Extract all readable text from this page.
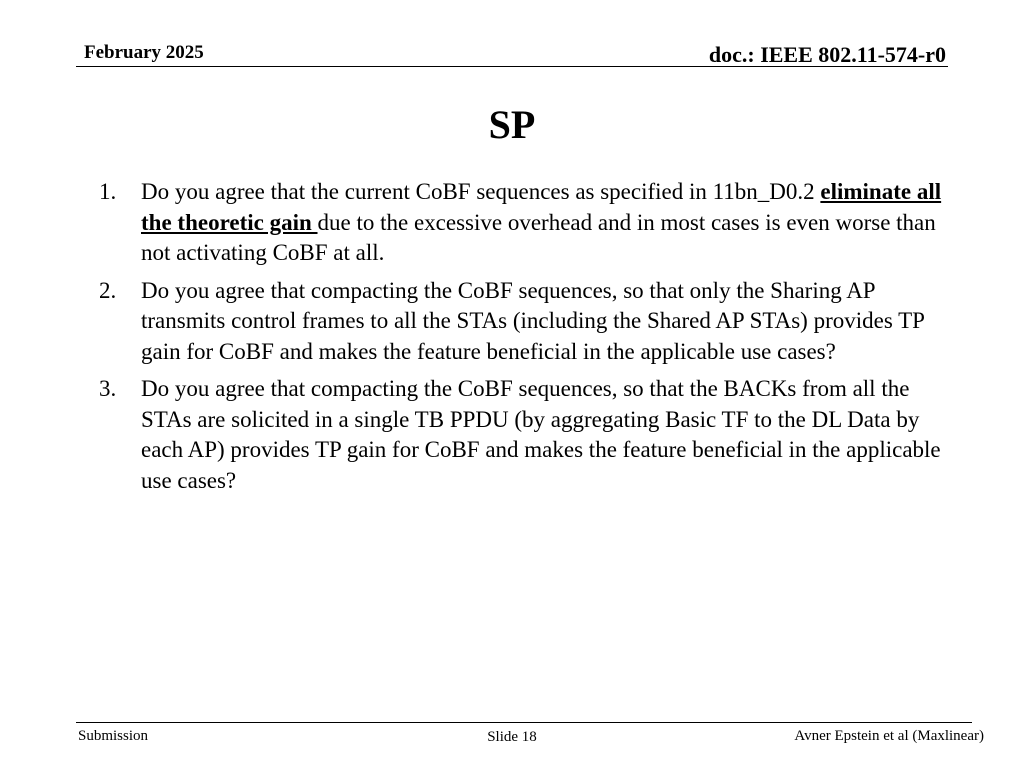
February 2025	doc.: IEEE 802.11-574-r0
SP
1. Do you agree that the current CoBF sequences as specified in 11bn_D0.2 eliminate all the theoretic gain due to the excessive overhead and in most cases is even worse than not activating CoBF at all.
2. Do you agree that compacting the CoBF sequences, so that only the Sharing AP transmits control frames to all the STAs (including the Shared AP STAs) provides TP gain for CoBF and makes the feature beneficial in the applicable use cases?
3. Do you agree that compacting the CoBF sequences, so that the BACKs from all the STAs are solicited in a single TB PPDU (by aggregating Basic TF to the DL Data by each AP) provides TP gain for CoBF and makes the feature beneficial in the applicable use cases?
Submission	Slide 18	Avner Epstein et al (Maxlinear)
